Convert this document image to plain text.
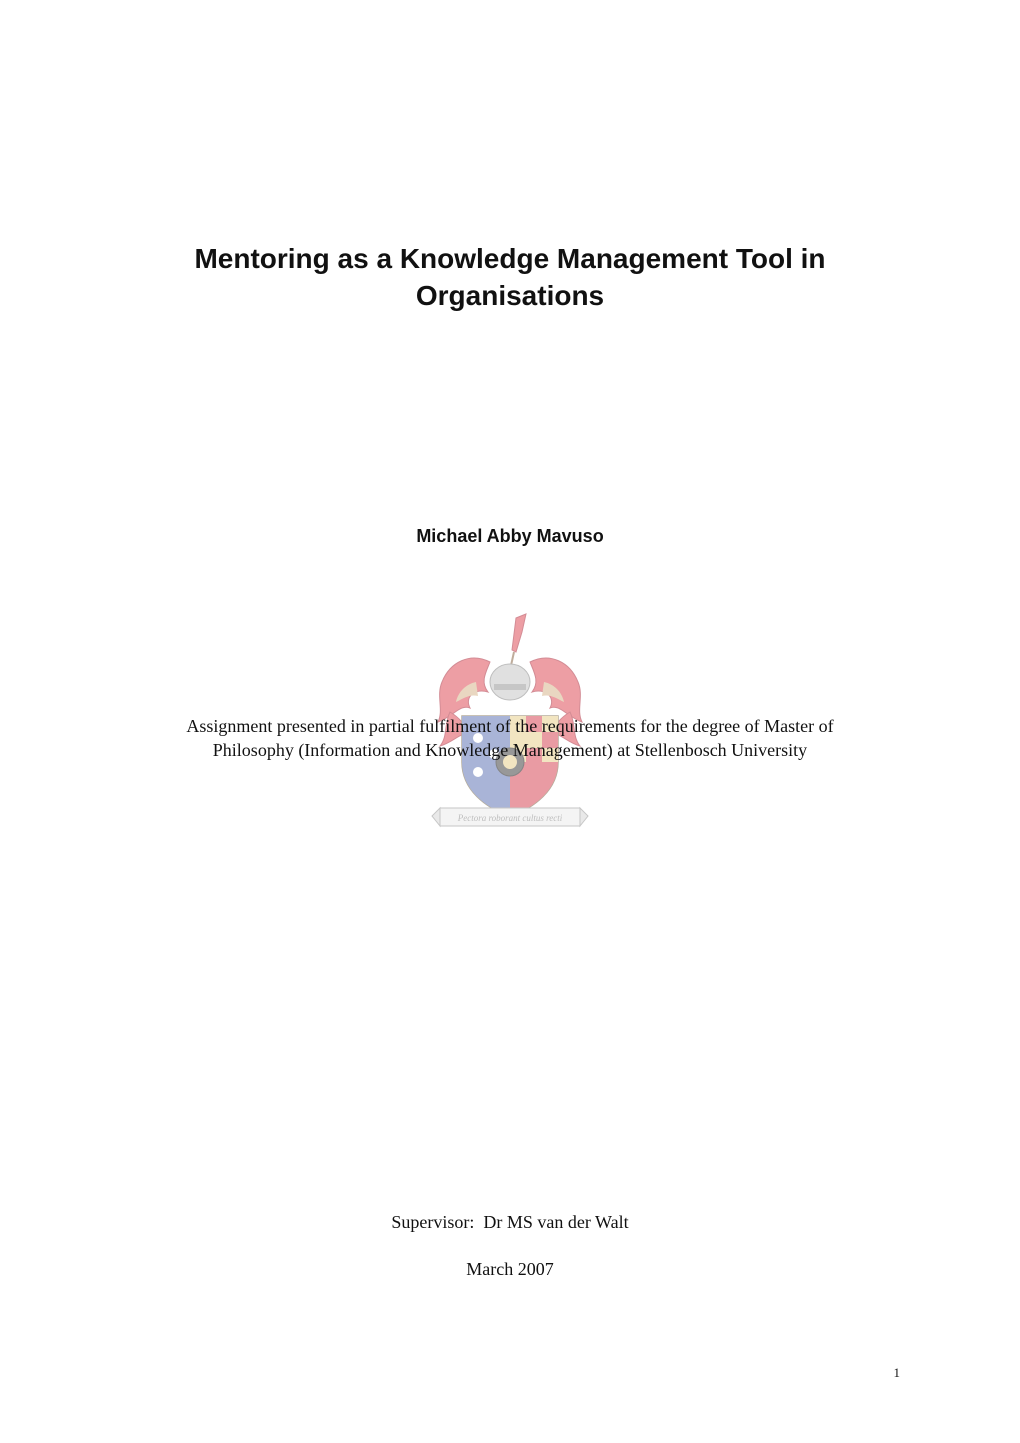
Pectora roborant cultus recti
Mentoring as a Knowledge Management Tool in
Organisations

Michael Abby Mavuso

Assignment presented in partial fulfilment of the requirements for the degree of Master of
Philosophy (Information and Knowledge Management) at Stellenbosch University

Supervisor:  Dr MS van der Walt

March 2007

1
